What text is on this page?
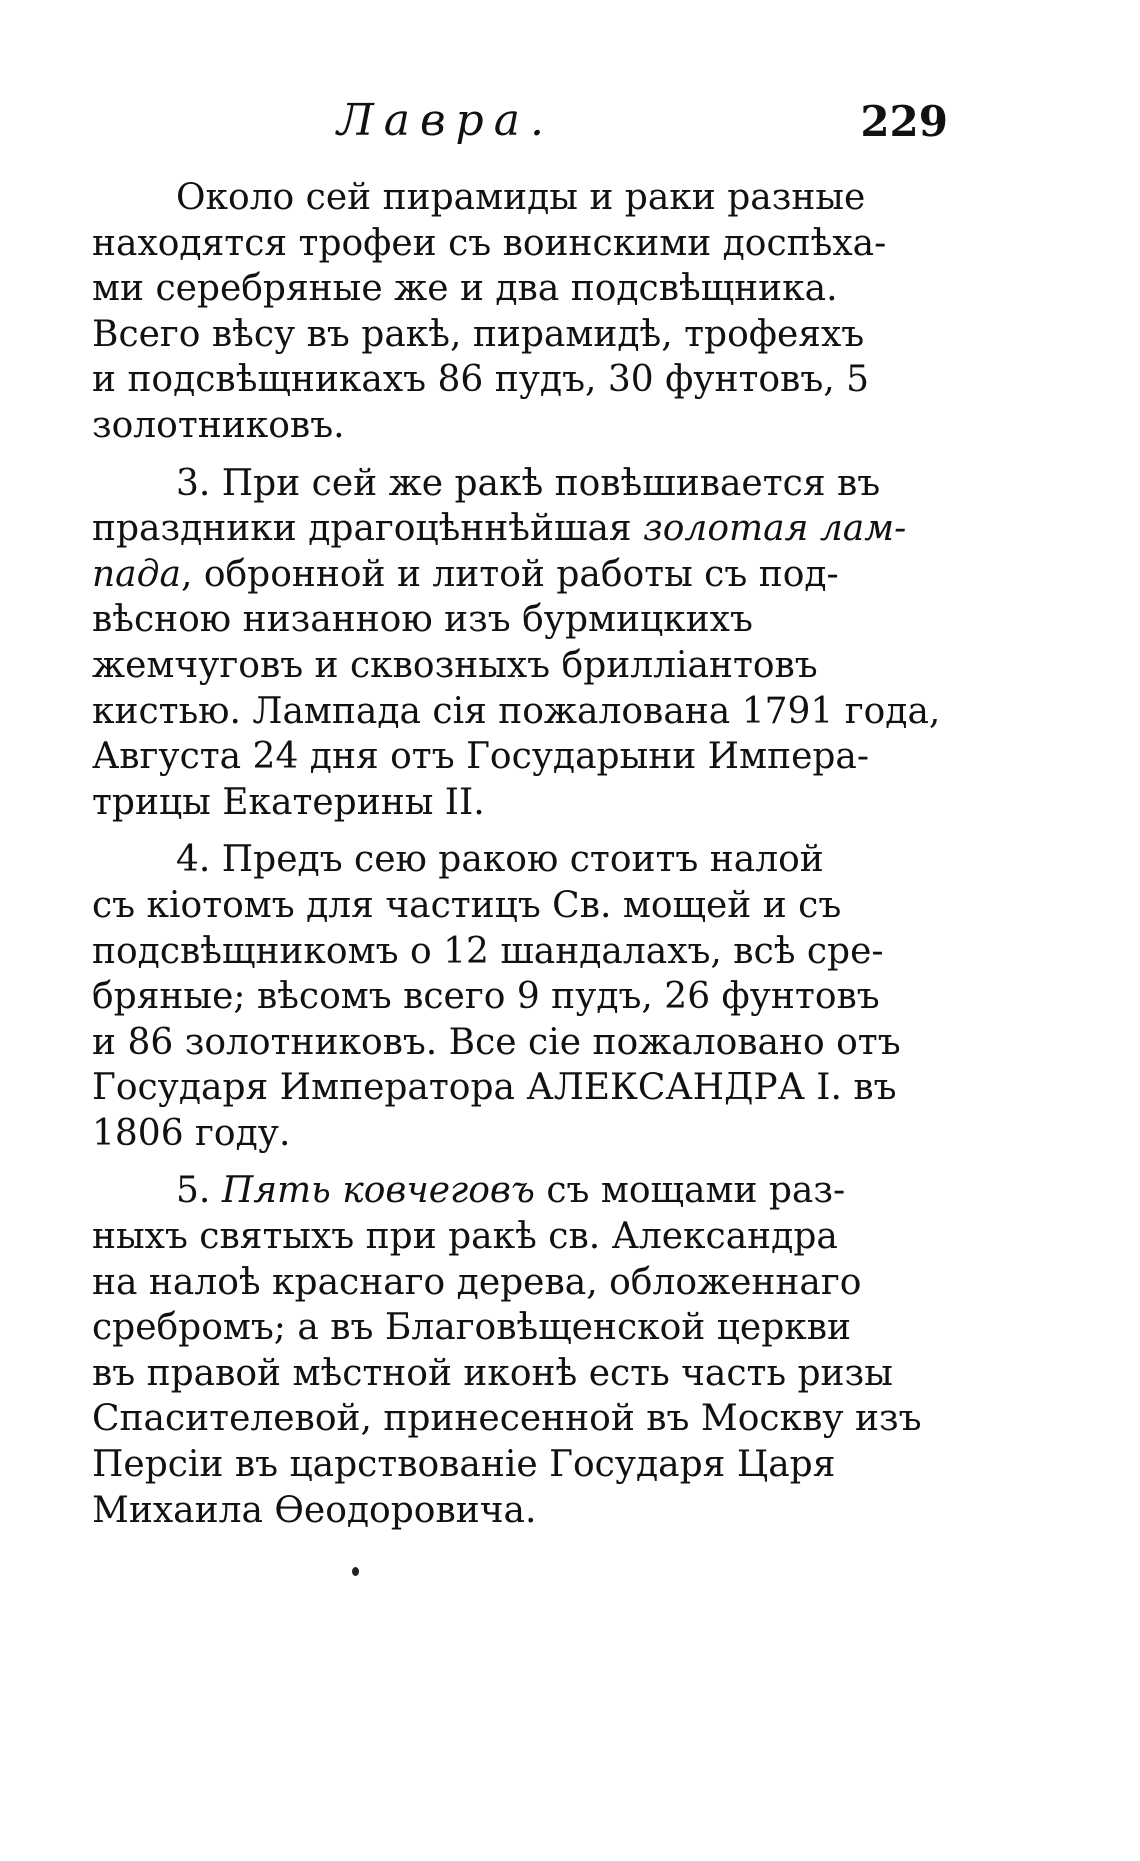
Лавра.	229
Около сей пирамиды и раки разные
находятся трофеи съ воинскими доспѣха-
ми серебряные же и два подсвѣщника.
Всего вѣсу въ ракѣ, пирамидѣ, трофеяхъ
и подсвѣщникахъ 86 пудъ, 30 фунтовъ, 5
золотниковъ.
3. При сей же ракѣ повѣшивается въ
праздники драгоцѣннѣйшая золотая лам-
пада, обронной и литой работы съ под-
вѣсною низанною изъ бурмицкихъ
жемчуговъ и сквозныхъ брилліантовъ
кистью. Лампада сія пожалована 1791 года,
Августа 24 дня отъ Государыни Импера-
трицы Екатерины II.
4. Предъ сею ракою стоитъ налой
съ кіотомъ для частицъ Св. мощей и съ
подсвѣщникомъ о 12 шандалахъ, всѣ сре-
бряные; вѣсомъ всего 9 пудъ, 26 фунтовъ
и 86 золотниковъ. Все сіе пожаловано отъ
Государя Императора АЛЕКСАНДРА I. въ
1806 году.
5. Пять ковчеговъ съ мощами раз-
ныхъ святыхъ при ракѣ св. Александра
на налоѣ краснаго дерева, обложеннаго
сребромъ; а въ Благовѣщенской церкви
въ правой мѣстной иконѣ есть часть ризы
Спасителевой, принесенной въ Москву изъ
Персіи въ царствованіе Государя Царя
Михаила Ѳеодоровича.
